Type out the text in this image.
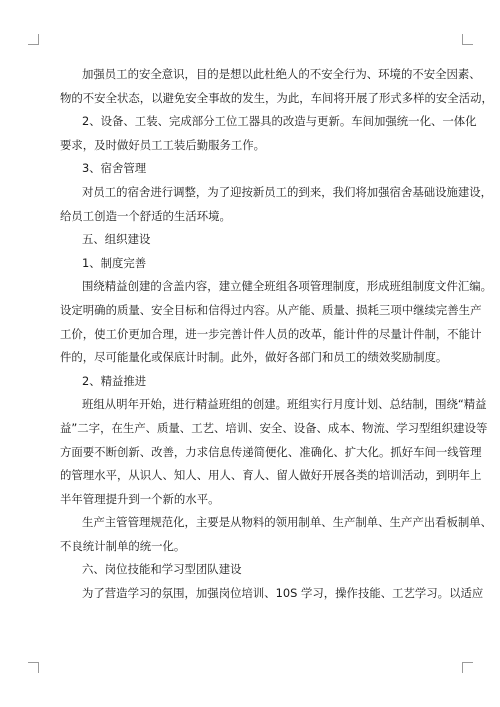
加强员工的安全意识，目的是想以此杜绝人的不安全行为、环境的不安全因素、
物的不安全状态，以避免安全事故的发生，为此，车间将开展了形式多样的安全活动，
2、设备、工装、完成部分工位工器具的改造与更新。车间加强统一化、一体化
要求，及时做好员工工装后勤服务工作。
3、宿舍管理
对员工的宿舍进行调整，为了迎按新员工的到来，我们将加强宿舍基础设施建设，
给员工创造一个舒适的生活环境。
五、组织建设
1、制度完善
围绕精益创建的含盖内容，建立健全班组各项管理制度，形成班组制度文件汇编。
设定明确的质量、安全目标和信得过内容。从产能、质量、损耗三项中继续完善生产
工价，使工价更加合理，进一步完善计件人员的改革，能计件的尽量计件制，不能计
件的，尽可能量化或保底计时制。此外，做好各部门和员工的绩效奖励制度。
2、精益推进
班组从明年开始，进行精益班组的创建。班组实行月度计划、总结制，围绕“精益
益”二字，在生产、质量、工艺、培训、安全、设备、成本、物流、学习型组织建设等
方面要不断创新、改善，力求信息传递简便化、准确化、扩大化。抓好车间一线管理
的管理水平，从识人、知人、用人、育人、留人做好开展各类的培训活动，到明年上
半年管理提升到一个新的水平。
生产主管管理规范化，主要是从物料的领用制单、生产制单、生产产出看板制单、
不良统计制单的统一化。
六、岗位技能和学习型团队建设
为了营造学习的氛围，加强岗位培训、10S 学习，操作技能、工艺学习。以适应
